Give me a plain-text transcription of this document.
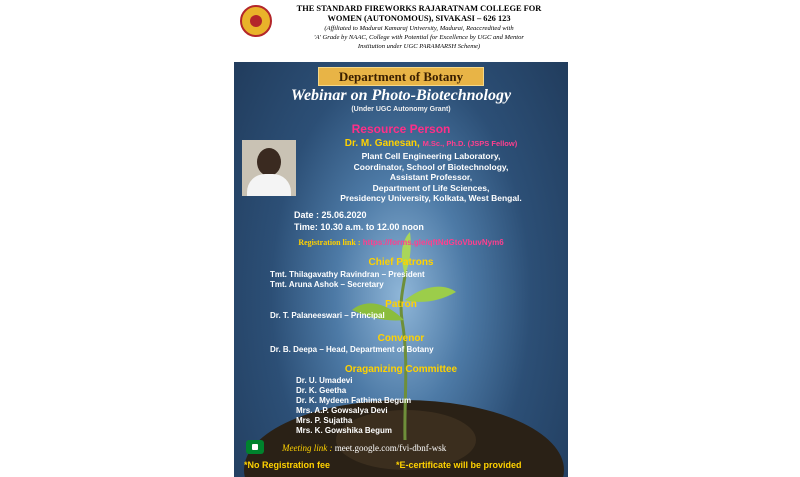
THE STANDARD FIREWORKS RAJARATNAM COLLEGE FOR
WOMEN (AUTONOMOUS), SIVAKASI – 626 123
(Affiliated to Madurai Kamaraj University, Madurai, Reaccredited with
'A' Grade by NAAC, College with Potential for Excellence by UGC and Mentor
Institution under UGC PARAMARSH Scheme)
Department of Botany
Webinar on Photo-Biotechnology
(Under UGC Autonomy Grant)
Resource Person
Dr. M. Ganesan, M.Sc., Ph.D. (JSPS Fellow)
Plant Cell Engineering Laboratory,
Coordinator, School of Biotechnology,
Assistant Professor,
Department of Life Sciences,
Presidency University, Kolkata, West Bengal.
Date : 25.06.2020
Time: 10.30 a.m. to 12.00 noon
Registration link : https://forms.gle/qftNdGtoVbuvNym6
Chief Patrons
Tmt. Thilagavathy Ravindran – President
Tmt. Aruna Ashok – Secretary
Patron
Dr. T. Palaneeswari – Principal
Convenor
Dr. B. Deepa – Head, Department of Botany
Oraganizing Committee
Dr. U. Umadevi
Dr. K. Geetha
Dr. K. Mydeen Fathima Begum
Mrs. A.P. Gowsalya Devi
Mrs. P. Sujatha
Mrs. K. Gowshika Begum
Meeting link : meet.google.com/fvi-dbnf-wsk
*No Registration fee	*E-certificate will be provided
